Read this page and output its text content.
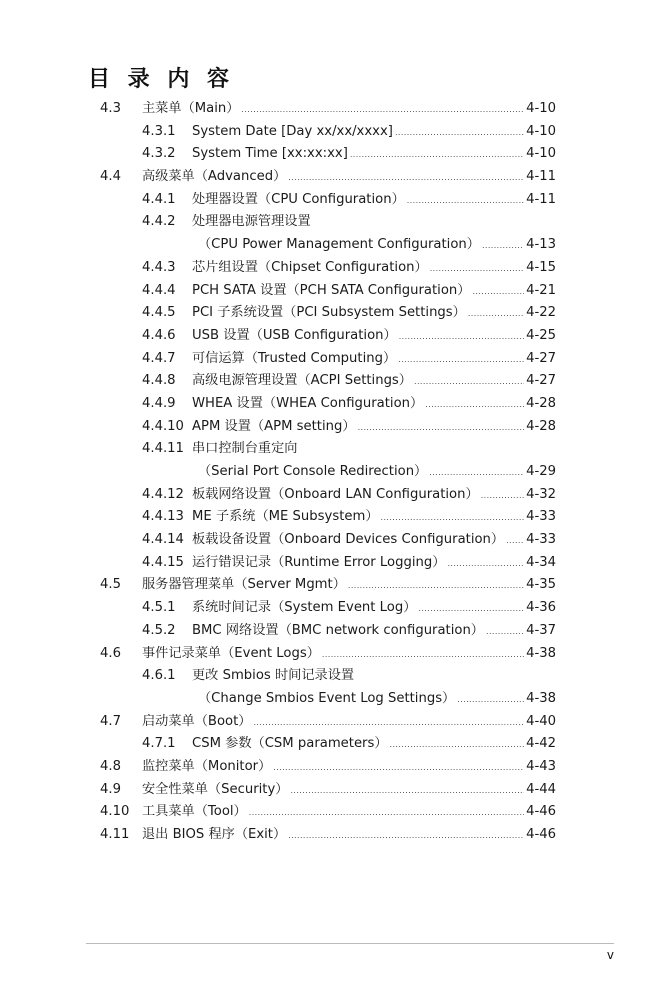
目 录 内 容
4.3 主菜单（Main） .....	4-10
4.3.1 System Date [Day xx/xx/xxxx] .....	4-10
4.3.2 System Time [xx:xx:xx] .....	4-10
4.4 高级菜单（Advanced） .....	4-11
4.4.1 处理器设置（CPU Configuration） .....	4-11
4.4.2 处理器电源管理设置
（CPU Power Management Configuration） .....	4-13
4.4.3 芯片组设置（Chipset Configuration） .....	4-15
4.4.4 PCH SATA 设置（PCH SATA Configuration） .....	4-21
4.4.5 PCI 子系统设置（PCI Subsystem Settings） .....	4-22
4.4.6 USB 设置（USB Configuration） .....	4-25
4.4.7 可信运算（Trusted Computing） .....	4-27
4.4.8 高级电源管理设置（ACPI Settings） .....	4-27
4.4.9 WHEA 设置（WHEA Configuration） .....	4-28
4.4.10 APM 设置（APM setting） .....	4-28
4.4.11 串口控制台重定向
（Serial Port Console Redirection） .....	4-29
4.4.12 板载网络设置（Onboard LAN Configuration） .....	4-32
4.4.13 ME 子系统（ME Subsystem） .....	4-33
4.4.14 板载设备设置（Onboard Devices Configuration） ..... 4-33
4.4.15 运行错误记录（Runtime Error Logging） .....	4-34
4.5 服务器管理菜单（Server Mgmt） .....	4-35
4.5.1 系统时间记录（System Event Log） .....	4-36
4.5.2 BMC 网络设置（BMC network configuration） .....	4-37
4.6 事件记录菜单（Event Logs） .....	4-38
4.6.1 更改 Smbios 时间记录设置
（Change Smbios Event Log Settings） .....	4-38
4.7 启动菜单（Boot） .....	4-40
4.7.1 CSM 参数（CSM parameters） .....	4-42
4.8 监控菜单（Monitor） .....	4-43
4.9 安全性菜单（Security） .....	4-44
4.10 工具菜单（Tool） .....	4-46
4.11 退出 BIOS 程序（Exit） .....	4-46
v
